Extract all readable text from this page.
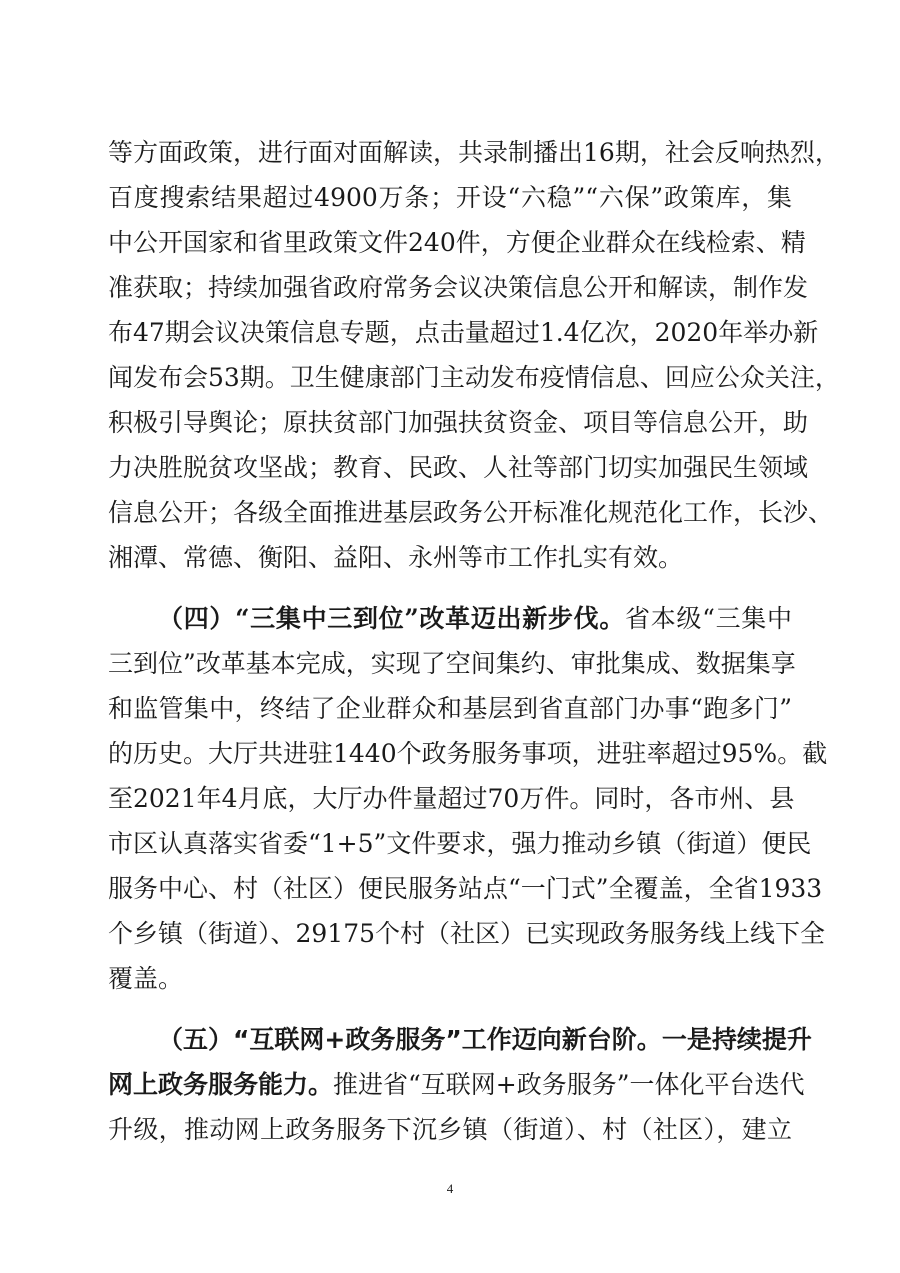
等方面政策，进行面对面解读，共录制播出16期，社会反响热烈，
百度搜索结果超过4900万条；开设“六稳”“六保”政策库，集
中公开国家和省里政策文件240件，方便企业群众在线检索、精
准获取；持续加强省政府常务会议决策信息公开和解读，制作发
布47期会议决策信息专题，点击量超过1.4亿次，2020年举办新
闻发布会53期。卫生健康部门主动发布疫情信息、回应公众关注，
积极引导舆论；原扶贫部门加强扶贫资金、项目等信息公开，助
力决胜脱贫攻坚战；教育、民政、人社等部门切实加强民生领域
信息公开；各级全面推进基层政务公开标准化规范化工作，长沙、
湘潭、常德、衡阳、益阳、永州等市工作扎实有效。
（四）“三集中三到位”改革迈出新步伐。省本级“三集中
三到位”改革基本完成，实现了空间集约、审批集成、数据集享
和监管集中，终结了企业群众和基层到省直部门办事“跑多门”
的历史。大厅共进驻1440个政务服务事项，进驻率超过95%。截
至2021年4月底，大厅办件量超过70万件。同时，各市州、县
市区认真落实省委“1+5”文件要求，强力推动乡镇（街道）便民
服务中心、村（社区）便民服务站点“一门式”全覆盖，全省1933
个乡镇（街道）、29175个村（社区）已实现政务服务线上线下全
覆盖。
（五）“互联网+政务服务”工作迈向新台阶。一是持续提升
网上政务服务能力。推进省“互联网+政务服务”一体化平台迭代
升级，推动网上政务服务下沉乡镇（街道）、村（社区），建立
4
